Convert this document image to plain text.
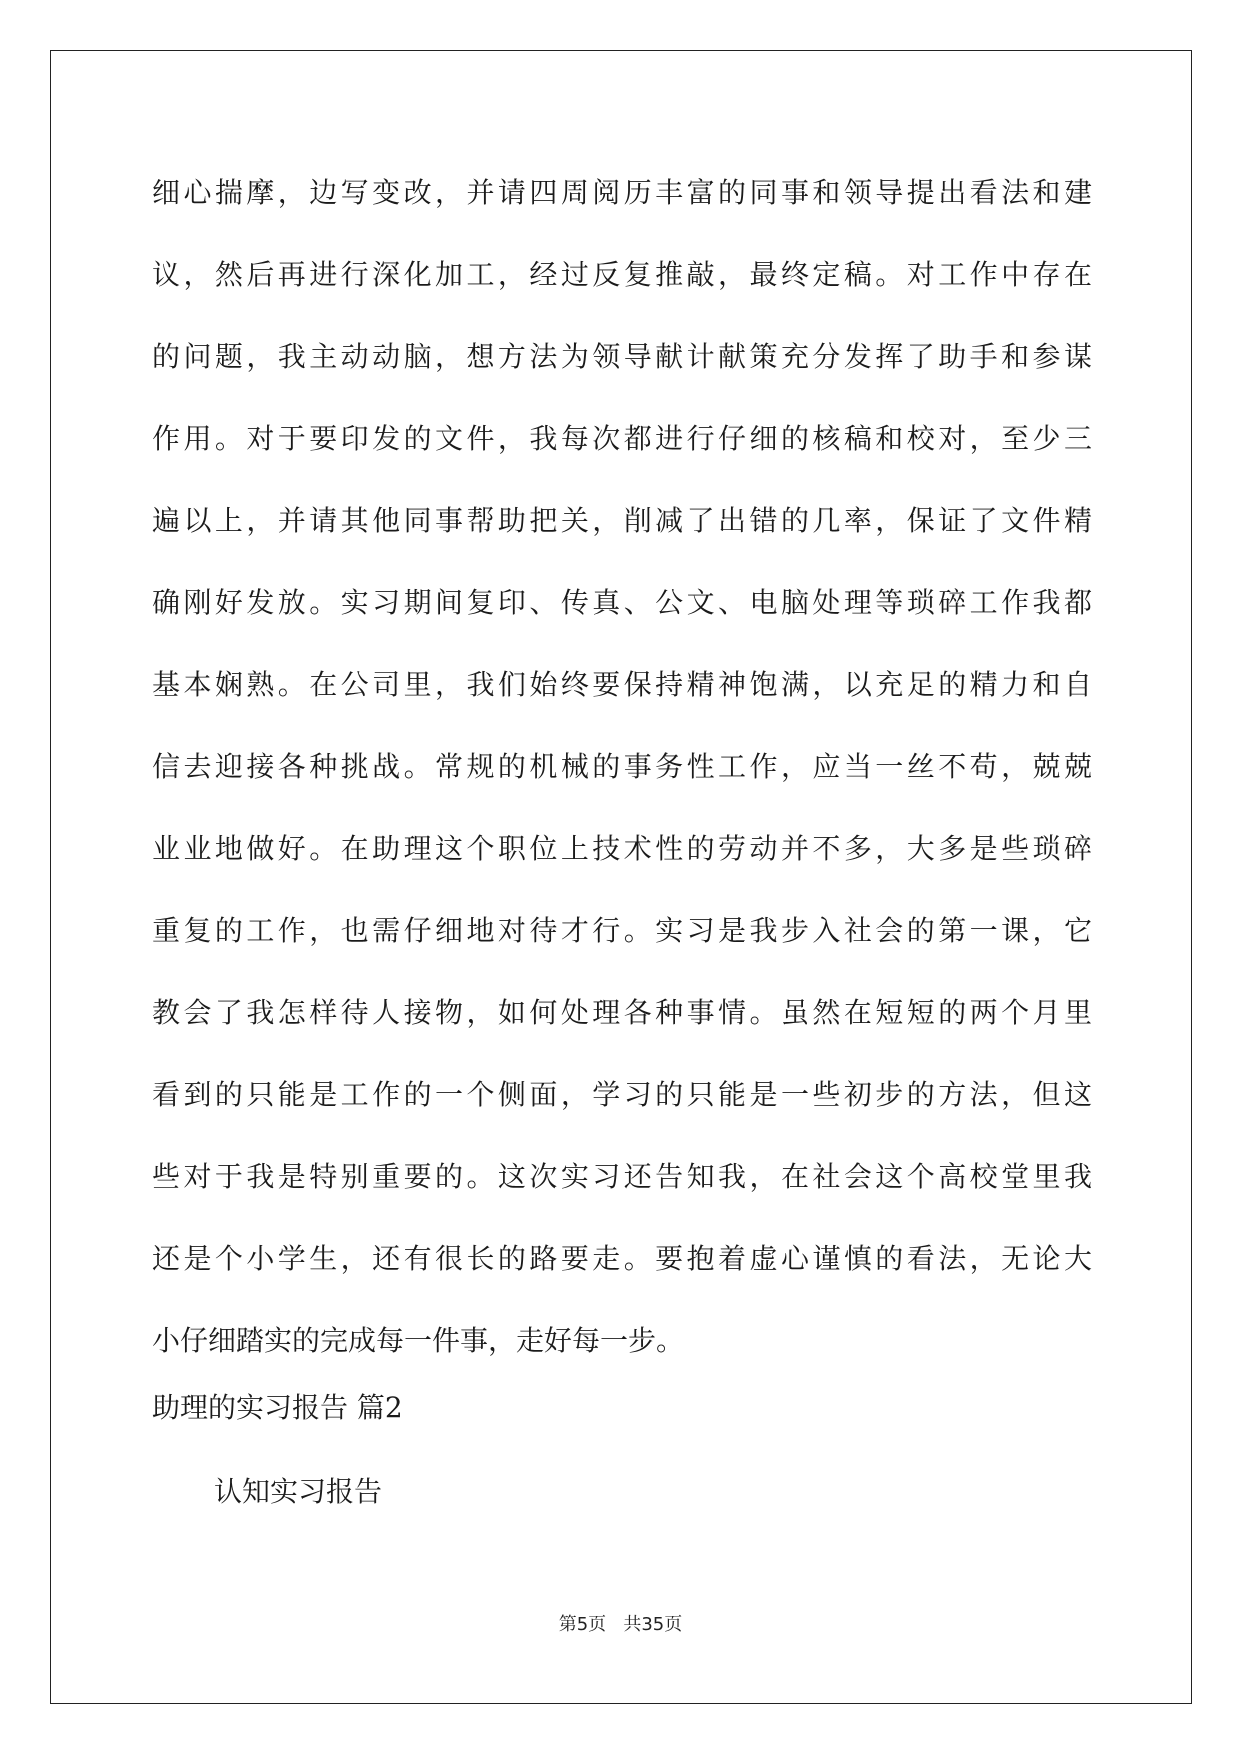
细心揣摩，边写变改，并请四周阅历丰富的同事和领导提出看法和建
议，然后再进行深化加工，经过反复推敲，最终定稿。对工作中存在
的问题，我主动动脑，想方法为领导献计献策充分发挥了助手和参谋
作用。对于要印发的文件，我每次都进行仔细的核稿和校对，至少三
遍以上，并请其他同事帮助把关，削减了出错的几率，保证了文件精
确刚好发放。实习期间复印、传真、公文、电脑处理等琐碎工作我都
基本娴熟。在公司里，我们始终要保持精神饱满，以充足的精力和自
信去迎接各种挑战。常规的机械的事务性工作，应当一丝不苟，兢兢
业业地做好。在助理这个职位上技术性的劳动并不多，大多是些琐碎
重复的工作，也需仔细地对待才行。实习是我步入社会的第一课，它
教会了我怎样待人接物，如何处理各种事情。虽然在短短的两个月里
看到的只能是工作的一个侧面，学习的只能是一些初步的方法，但这
些对于我是特别重要的。这次实习还告知我，在社会这个高校堂里我
还是个小学生，还有很长的路要走。要抱着虚心谨慎的看法，无论大
小仔细踏实的完成每一件事，走好每一步。
助理的实习报告 篇2
认知实习报告
第5页   共35页
